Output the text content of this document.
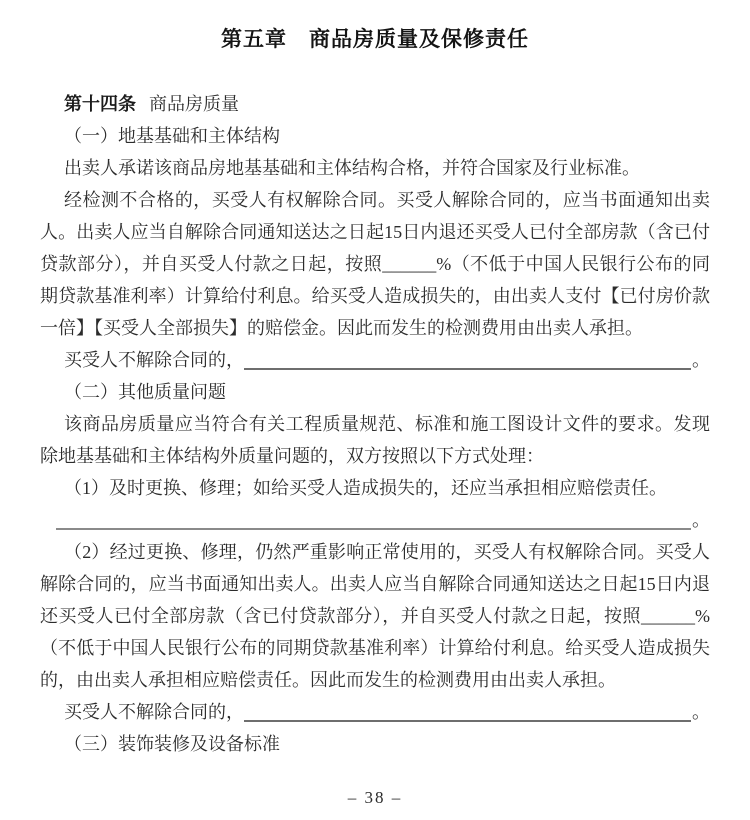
第五章　商品房质量及保修责任

第十四条 商品房质量

（一）地基基础和主体结构

出卖人承诺该商品房地基基础和主体结构合格，并符合国家及行业标准。

经检测不合格的，买受人有权解除合同。买受人解除合同的，应当书面通知出卖人。出卖人应当自解除合同通知送达之日起15日内退还买受人已付全部房款（含已付贷款部分），并自买受人付款之日起，按照______%（不低于中国人民银行公布的同期贷款基准利率）计算给付利息。给买受人造成损失的，由出卖人支付【已付房价款一倍】【买受人全部损失】的赔偿金。因此而发生的检测费用由出卖人承担。

买受人不解除合同的，	。

（二）其他质量问题

该商品房质量应当符合有关工程质量规范、标准和施工图设计文件的要求。发现除地基基础和主体结构外质量问题的，双方按照以下方式处理：

（1）及时更换、修理；如给买受人造成损失的，还应当承担相应赔偿责任。

。

（2）经过更换、修理，仍然严重影响正常使用的，买受人有权解除合同。买受人解除合同的，应当书面通知出卖人。出卖人应当自解除合同通知送达之日起15日内退还买受人已付全部房款（含已付贷款部分），并自买受人付款之日起，按照______%（不低于中国人民银行公布的同期贷款基准利率）计算给付利息。给买受人造成损失的，由出卖人承担相应赔偿责任。因此而发生的检测费用由出卖人承担。

买受人不解除合同的，	。

（三）装饰装修及设备标准

– 38 –
